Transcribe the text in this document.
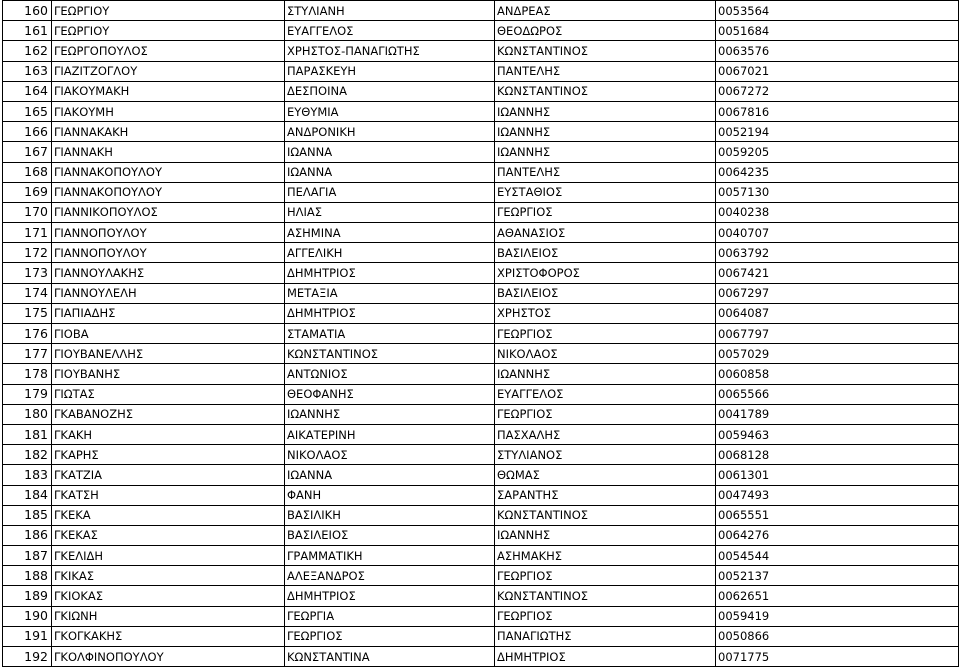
160	ΓΕΩΡΓΙΟΥ	ΣΤΥΛΙΑΝΗ	ΑΝΔΡΕΑΣ	0053564
161	ΓΕΩΡΓΙΟΥ	ΕΥΑΓΓΕΛΟΣ	ΘΕΟΔΩΡΟΣ	0051684
162	ΓΕΩΡΓΟΠΟΥΛΟΣ	ΧΡΗΣΤΟΣ-ΠΑΝΑΓΙΩΤΗΣ	ΚΩΝΣΤΑΝΤΙΝΟΣ	0063576
163	ΓΙΑΖΙΤΖΟΓΛΟΥ	ΠΑΡΑΣΚΕΥΗ	ΠΑΝΤΕΛΗΣ	0067021
164	ΓΙΑΚΟΥΜΑΚΗ	ΔΕΣΠΟΙΝΑ	ΚΩΝΣΤΑΝΤΙΝΟΣ	0067272
165	ΓΙΑΚΟΥΜΗ	ΕΥΘΥΜΙΑ	ΙΩΑΝΝΗΣ	0067816
166	ΓΙΑΝΝΑΚΑΚΗ	ΑΝΔΡΟΝΙΚΗ	ΙΩΑΝΝΗΣ	0052194
167	ΓΙΑΝΝΑΚΗ	ΙΩΑΝΝΑ	ΙΩΑΝΝΗΣ	0059205
168	ΓΙΑΝΝΑΚΟΠΟΥΛΟΥ	ΙΩΑΝΝΑ	ΠΑΝΤΕΛΗΣ	0064235
169	ΓΙΑΝΝΑΚΟΠΟΥΛΟΥ	ΠΕΛΑΓΙΑ	ΕΥΣΤΑΘΙΟΣ	0057130
170	ΓΙΑΝΝΙΚΟΠΟΥΛΟΣ	ΗΛΙΑΣ	ΓΕΩΡΓΙΟΣ	0040238
171	ΓΙΑΝΝΟΠΟΥΛΟΥ	ΑΣΗΜΙΝΑ	ΑΘΑΝΑΣΙΟΣ	0040707
172	ΓΙΑΝΝΟΠΟΥΛΟΥ	ΑΓΓΕΛΙΚΗ	ΒΑΣΙΛΕΙΟΣ	0063792
173	ΓΙΑΝΝΟΥΛΑΚΗΣ	ΔΗΜΗΤΡΙΟΣ	ΧΡΙΣΤΟΦΟΡΟΣ	0067421
174	ΓΙΑΝΝΟΥΛΕΛΗ	ΜΕΤΑΞΙΑ	ΒΑΣΙΛΕΙΟΣ	0067297
175	ΓΙΑΠΙΑΔΗΣ	ΔΗΜΗΤΡΙΟΣ	ΧΡΗΣΤΟΣ	0064087
176	ΓΙΟΒΑ	ΣΤΑΜΑΤΙΑ	ΓΕΩΡΓΙΟΣ	0067797
177	ΓΙΟΥΒΑΝΕΛΛΗΣ	ΚΩΝΣΤΑΝΤΙΝΟΣ	ΝΙΚΟΛΑΟΣ	0057029
178	ΓΙΟΥΒΑΝΗΣ	ΑΝΤΩΝΙΟΣ	ΙΩΑΝΝΗΣ	0060858
179	ΓΙΩΤΑΣ	ΘΕΟΦΑΝΗΣ	ΕΥΑΓΓΕΛΟΣ	0065566
180	ΓΚΑΒΑΝΟΖΗΣ	ΙΩΑΝΝΗΣ	ΓΕΩΡΓΙΟΣ	0041789
181	ΓΚΑΚΗ	ΑΙΚΑΤΕΡΙΝΗ	ΠΑΣΧΑΛΗΣ	0059463
182	ΓΚΑΡΗΣ	ΝΙΚΟΛΑΟΣ	ΣΤΥΛΙΑΝΟΣ	0068128
183	ΓΚΑΤΖΙΑ	ΙΩΑΝΝΑ	ΘΩΜΑΣ	0061301
184	ΓΚΑΤΣΗ	ΦΑΝΗ	ΣΑΡΑΝΤΗΣ	0047493
185	ΓΚΕΚΑ	ΒΑΣΙΛΙΚΗ	ΚΩΝΣΤΑΝΤΙΝΟΣ	0065551
186	ΓΚΕΚΑΣ	ΒΑΣΙΛΕΙΟΣ	ΙΩΑΝΝΗΣ	0064276
187	ΓΚΕΛΙΔΗ	ΓΡΑΜΜΑΤΙΚΗ	ΑΣΗΜΑΚΗΣ	0054544
188	ΓΚΙΚΑΣ	ΑΛΕΞΑΝΔΡΟΣ	ΓΕΩΡΓΙΟΣ	0052137
189	ΓΚΙΟΚΑΣ	ΔΗΜΗΤΡΙΟΣ	ΚΩΝΣΤΑΝΤΙΝΟΣ	0062651
190	ΓΚΙΩΝΗ	ΓΕΩΡΓΙΑ	ΓΕΩΡΓΙΟΣ	0059419
191	ΓΚΟΓΚΑΚΗΣ	ΓΕΩΡΓΙΟΣ	ΠΑΝΑΓΙΩΤΗΣ	0050866
192	ΓΚΟΛΦΙΝΟΠΟΥΛΟΥ	ΚΩΝΣΤΑΝΤΙΝΑ	ΔΗΜΗΤΡΙΟΣ	0071775
